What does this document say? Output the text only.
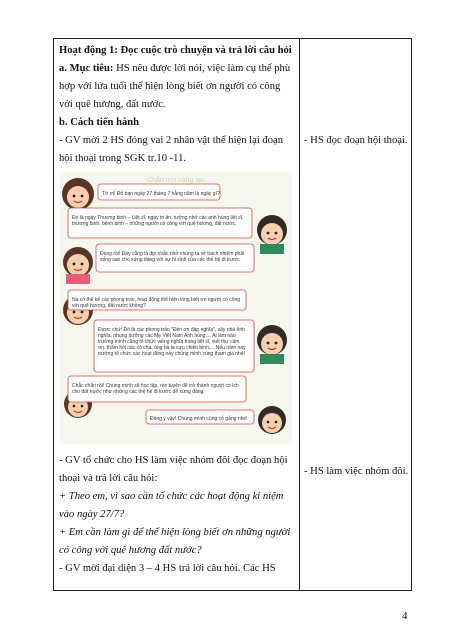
Hoạt động 1: Đọc cuộc trò chuyện và trả lời câu hỏi

a. Mục tiêu: HS nêu được lời nói, việc làm cụ thể phù

hợp với lứa tuổi thể hiện lòng biết ơn người có công

với quê hương, đất nước.

b. Cách tiến hành

- GV mời 2 HS đóng vai 2 nhân vật thể hiện lại đoạn

hội thoại trong SGK tr.10 -11.

- GV tổ chức cho HS làm việc nhóm đôi đọc đoạn hội

thoại và trả lời câu hỏi:

+ Theo em, vì sao cần tổ chức các hoạt động kỉ niệm

vào ngày 27/7?

+ Em cần làm gì để thể hiện lòng biết ơn những người

có công với quê hương đất nước?

- GV mời đại diện 3 – 4 HS trả lời câu hỏi. Các HS

- HS đọc đoạn hội thoại.
- HS làm việc nhóm đôi.
Chân trời sáng tạo
Tớ ơi! Đố bạn ngày 27 tháng 7 hằng năm là ngày gì?
Đó là ngày Thương binh – Liệt sĩ, ngày tri ân, tưởng nhớ các anh hùng liệt sĩ, thương binh, bệnh binh – những người có công với quê hương, đất nước.
Đúng rồi! Đây cũng là dịp nhắc nhở chúng ta về trách nhiệm phải sống sao cho xứng đáng với sự hi sinh của các thế hệ đi trước.
Na có thể kể các phong trào, hoạt động thể hiện lòng biết ơn người có công với quê hương, đất nước không?
Được chứ! Đó là các phong trào "Đền ơn đáp nghĩa", xây nhà tình nghĩa, phụng dưỡng các Mẹ Việt Nam Anh hùng,... Ai làm nào trường mình cũng tổ chức viếng nghĩa trang liệt sĩ, viết thư cảm ơn, thăm hỏi các cô chú, ông bà là cựu chiến binh,... Nếu năm nay trường tổ chức các hoạt động này chúng mình cùng tham gia nhé!
Chắc chắn rồi! Chúng mình sẽ học tập, rèn luyện để trở thành người có ích cho đất nước như những các thế hệ đi trước để xứng đáng.
Đồng ý vậy! Chúng mình cùng cố gắng nhé!
4
